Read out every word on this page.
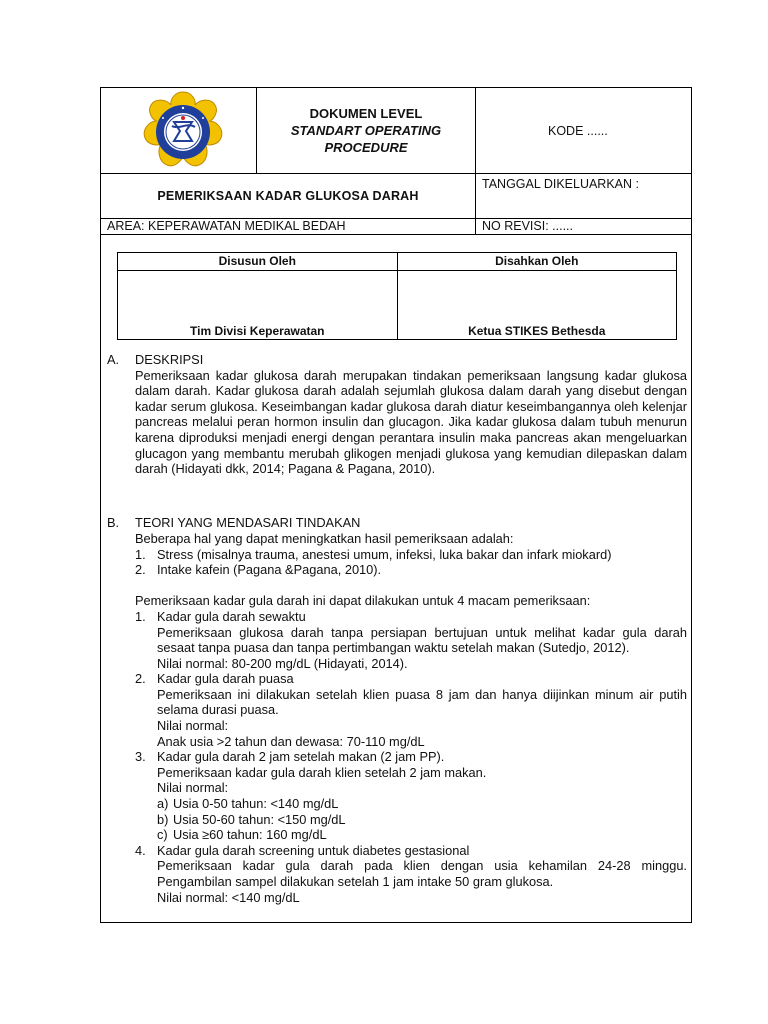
DOKUMEN LEVEL
STANDART OPERATING
PROCEDURE	KODE ......
PEMERIKSAAN KADAR GLUKOSA DARAH		TANGGAL DIKELUARKAN :
AREA: KEPERAWATAN MEDIKAL BEDAH		NO REVISI: ......
Disusun Oleh	Disahkan Oleh
Tim Divisi Keperawatan	Ketua STIKES Bethesda
A. DESKRIPSI
Pemeriksaan kadar glukosa darah merupakan tindakan pemeriksaan langsung kadar glukosa dalam darah. Kadar glukosa darah adalah sejumlah glukosa dalam darah yang disebut dengan kadar serum glukosa. Keseimbangan kadar glukosa darah diatur keseimbangannya oleh kelenjar pancreas melalui peran hormon insulin dan glucagon. Jika kadar glukosa dalam tubuh menurun karena diproduksi menjadi energi dengan perantara insulin maka pancreas akan mengeluarkan glucagon yang membantu merubah glikogen menjadi glukosa yang kemudian dilepaskan dalam darah (Hidayati dkk, 2014; Pagana & Pagana, 2010).
B. TEORI YANG MENDASARI TINDAKAN
Beberapa hal yang dapat meningkatkan hasil pemeriksaan adalah:
1. Stress (misalnya trauma, anestesi umum, infeksi, luka bakar dan infark miokard)
2. Intake kafein (Pagana &Pagana, 2010).
Pemeriksaan kadar gula darah ini dapat dilakukan untuk 4 macam pemeriksaan:
1. Kadar gula darah sewaktu
Pemeriksaan glukosa darah tanpa persiapan bertujuan untuk melihat kadar gula darah sesaat tanpa puasa dan tanpa pertimbangan waktu setelah makan (Sutedjo, 2012).
Nilai normal: 80-200 mg/dL (Hidayati, 2014).
2. Kadar gula darah puasa
Pemeriksaan ini dilakukan setelah klien puasa 8 jam dan hanya diijinkan minum air putih selama durasi puasa.
Nilai normal:
Anak usia >2 tahun dan dewasa: 70-110 mg/dL
3. Kadar gula darah 2 jam setelah makan (2 jam PP).
Pemeriksaan kadar gula darah klien setelah 2 jam makan.
Nilai normal:
a) Usia 0-50 tahun: <140 mg/dL
b) Usia 50-60 tahun: <150 mg/dL
c) Usia ≥60 tahun: 160 mg/dL
4. Kadar gula darah screening untuk diabetes gestasional
Pemeriksaan kadar gula darah pada klien dengan usia kehamilan 24-28 minggu. Pengambilan sampel dilakukan setelah 1 jam intake 50 gram glukosa.
Nilai normal: <140 mg/dL
